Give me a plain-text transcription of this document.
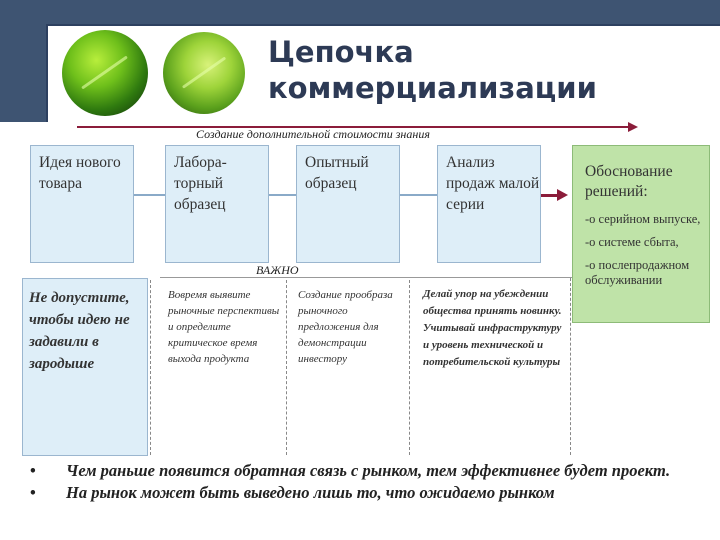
Цепочка коммерциализации
Создание дополнительной стоимости знания
Идея нового товара
Лабора-торный образец
Опытный образец
Анализ продаж малой серии
Обоснование решений:
-о серийном выпуске,
-о системе сбыта,
-о послепродажном обслуживании
ВАЖНО
Не допустите, чтобы идею не задавили в зародыше
Вовремя выявите рыночные перспективы и определите критическое время выхода продукта
Создание прообраза рыночного предложения для демонстрации инвестору
Делай упор на убеждении общества принять новинку. Учитывай инфраструктуру и уровень технической и потребительской культуры
• Чем раньше появится обратная связь с рынком, тем эффективнее будет проект.
• На рынок может быть выведено лишь то, что ожидаемо рынком
